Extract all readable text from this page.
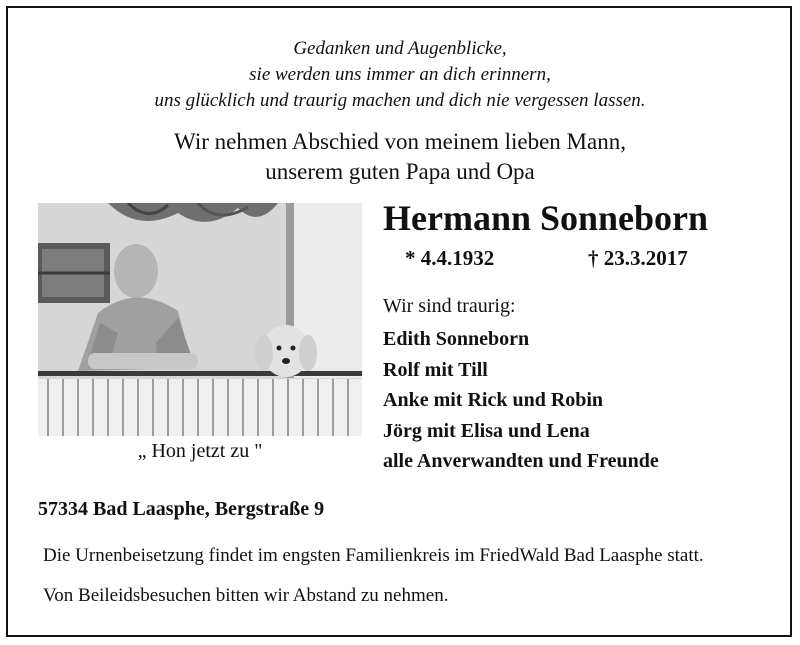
Gedanken und Augenblicke,
sie werden uns immer an dich erinnern,
uns glücklich und traurig machen und dich nie vergessen lassen.
Wir nehmen Abschied von meinem lieben Mann,
unserem guten Papa und Opa
„ Hon jetzt zu "
Hermann Sonneborn
* 4.4.1932	† 23.3.2017
Wir sind traurig:
Edith Sonneborn
Rolf mit Till
Anke mit Rick und Robin
Jörg mit Elisa und Lena
alle Anverwandten und Freunde
57334 Bad Laasphe, Bergstraße 9
Die Urnenbeisetzung findet im engsten Familienkreis im FriedWald Bad Laasphe statt.
Von Beileidsbesuchen bitten wir Abstand zu nehmen.
